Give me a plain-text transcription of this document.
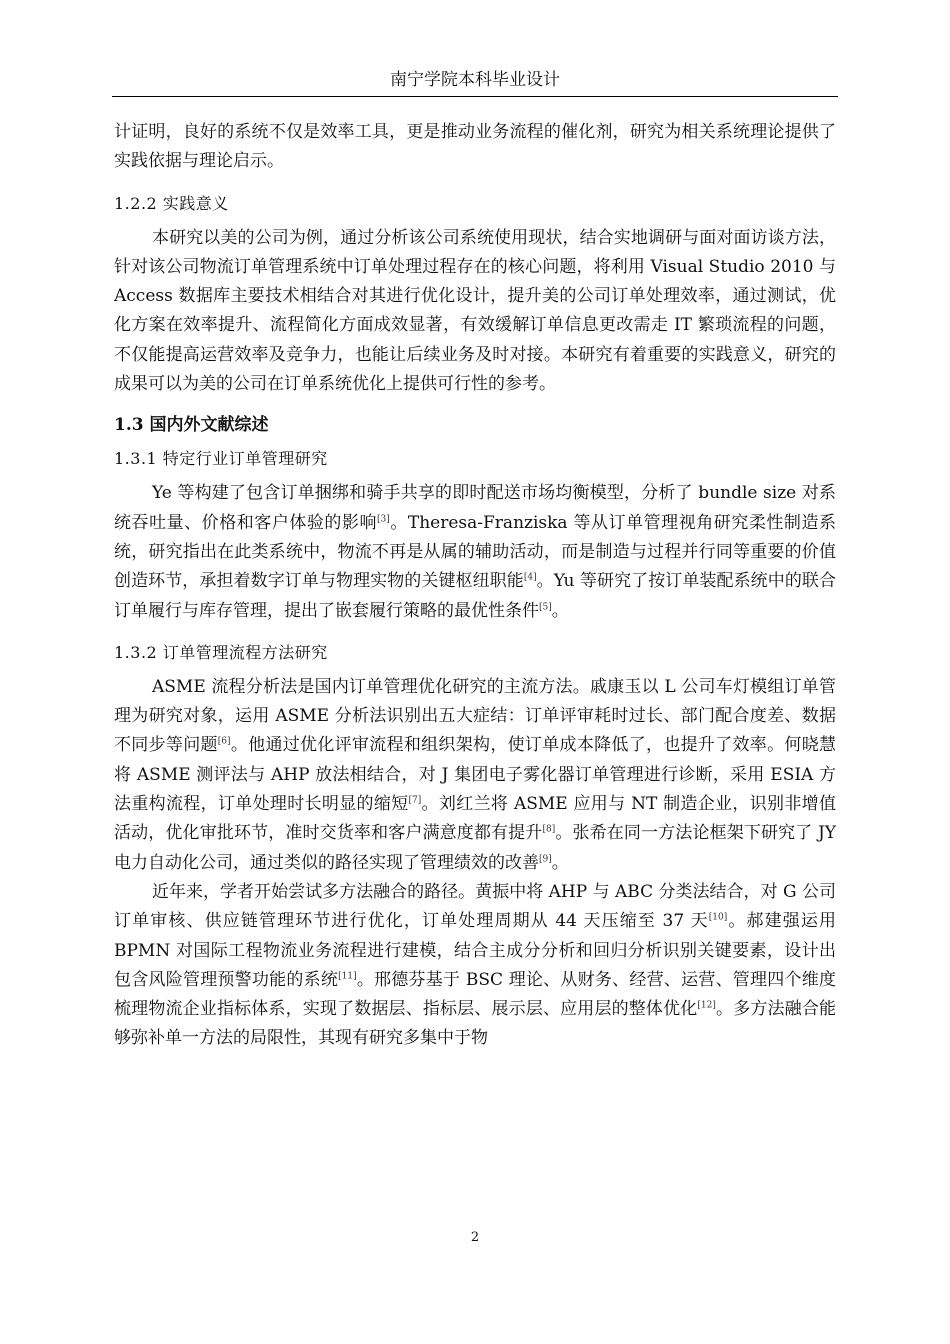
南宁学院本科毕业设计

计证明，良好的系统不仅是效率工具，更是推动业务流程的催化剂，研究为相关系统理论提供了实践依据与理论启示。

1.2.2 实践意义

本研究以美的公司为例，通过分析该公司系统使用现状，结合实地调研与面对面访谈方法，针对该公司物流订单管理系统中订单处理过程存在的核心问题，将利用 Visual Studio 2010 与 Access 数据库主要技术相结合对其进行优化设计，提升美的公司订单处理效率，通过测试，优化方案在效率提升、流程简化方面成效显著，有效缓解订单信息更改需走 IT 繁琐流程的问题，不仅能提高运营效率及竞争力，也能让后续业务及时对接。本研究有着重要的实践意义，研究的成果可以为美的公司在订单系统优化上提供可行性的参考。

1.3 国内外文献综述
1.3.1 特定行业订单管理研究

Ye 等构建了包含订单捆绑和骑手共享的即时配送市场均衡模型，分析了 bundle size 对系统吞吐量、价格和客户体验的影响[3]。Theresa-Franziska 等从订单管理视角研究柔性制造系统，研究指出在此类系统中，物流不再是从属的辅助活动，而是制造与过程并行同等重要的价值创造环节，承担着数字订单与物理实物的关键枢纽职能[4]。Yu 等研究了按订单装配系统中的联合订单履行与库存管理，提出了嵌套履行策略的最优性条件[5]。

1.3.2 订单管理流程方法研究

ASME 流程分析法是国内订单管理优化研究的主流方法。戚康玉以 L 公司车灯模组订单管理为研究对象，运用 ASME 分析法识别出五大症结：订单评审耗时过长、部门配合度差、数据不同步等问题[6]。他通过优化评审流程和组织架构，使订单成本降低了，也提升了效率。何晓慧将 ASME 测评法与 AHP 放法相结合，对 J 集团电子雾化器订单管理进行诊断，采用 ESIA 方法重构流程，订单处理时长明显的缩短[7]。刘红兰将 ASME 应用与 NT 制造企业，识别非增值活动，优化审批环节，准时交货率和客户满意度都有提升[8]。张希在同一方法论框架下研究了 JY 电力自动化公司，通过类似的路径实现了管理绩效的改善[9]。

近年来，学者开始尝试多方法融合的路径。黄振中将 AHP 与 ABC 分类法结合，对 G 公司订单审核、供应链管理环节进行优化，订单处理周期从 44 天压缩至 37 天[10]。郝建强运用 BPMN 对国际工程物流业务流程进行建模，结合主成分分析和回归分析识别关键要素，设计出包含风险管理预警功能的系统[11]。邢德芬基于 BSC 理论、从财务、经营、运营、管理四个维度梳理物流企业指标体系，实现了数据层、指标层、展示层、应用层的整体优化[12]。多方法融合能够弥补单一方法的局限性，其现有研究多集中于物

2
